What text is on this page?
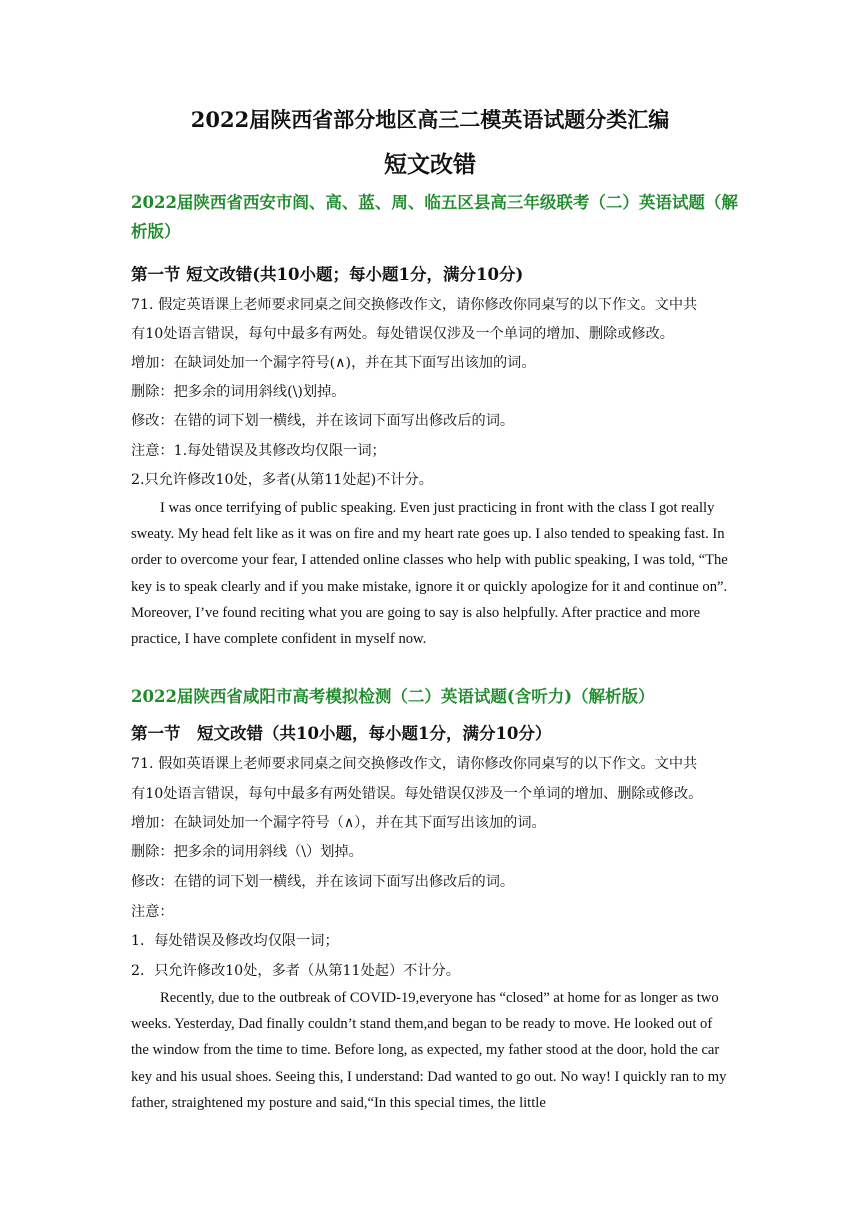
2022届陕西省部分地区高三二模英语试题分类汇编
短文改错
2022届陕西省西安市阎、高、蓝、周、临五区县高三年级联考（二）英语试题（解析版）
第一节 短文改错(共10小题；每小题1分，满分10分)
71. 假定英语课上老师要求同桌之间交换修改作文，请你修改你同桌写的以下作文。文中共
有10处语言错误，每句中最多有两处。每处错误仅涉及一个单词的增加、删除或修改。
增加：在缺词处加一个漏字符号(∧)，并在其下面写出该加的词。
删除：把多余的词用斜线(\)划掉。
修改：在错的词下划一横线，并在该词下面写出修改后的词。
注意：1.每处错误及其修改均仅限一词；
2.只允许修改10处，多者(从第11处起)不计分。
I was once terrifying of public speaking. Even just practicing in front with the class I got really sweaty. My head felt like as it was on fire and my heart rate goes up. I also tended to speaking fast. In order to overcome your fear, I attended online classes who help with public speaking, I was told, “The key is to speak clearly and if you make mistake, ignore it or quickly apologize for it and continue on”. Moreover, I’ve found reciting what you are going to say is also helpfully. After practice and more practice, I have complete confident in myself now.
2022届陕西省咸阳市高考模拟检测（二）英语试题(含听力)（解析版）
第一节　短文改错（共10小题，每小题1分，满分10分）
71. 假如英语课上老师要求同桌之间交换修改作文，请你修改你同桌写的以下作文。文中共
有10处语言错误，每句中最多有两处错误。每处错误仅涉及一个单词的增加、删除或修改。
增加：在缺词处加一个漏字符号（∧），并在其下面写出该加的词。
删除：把多余的词用斜线（\）划掉。
修改：在错的词下划一横线，并在该词下面写出修改后的词。
注意：
1．每处错误及修改均仅限一词；
2．只允许修改10处，多者（从第11处起）不计分。
Recently, due to the outbreak of COVID-19,everyone has “closed” at home for as longer as two weeks. Yesterday, Dad finally couldn’t stand them,and began to be ready to move. He looked out of the window from the time to time. Before long, as expected, my father stood at the door, hold the car key and his usual shoes. Seeing this, I understand: Dad wanted to go out. No way! I quickly ran to my father, straightened my posture and said,“In this special times, the little
